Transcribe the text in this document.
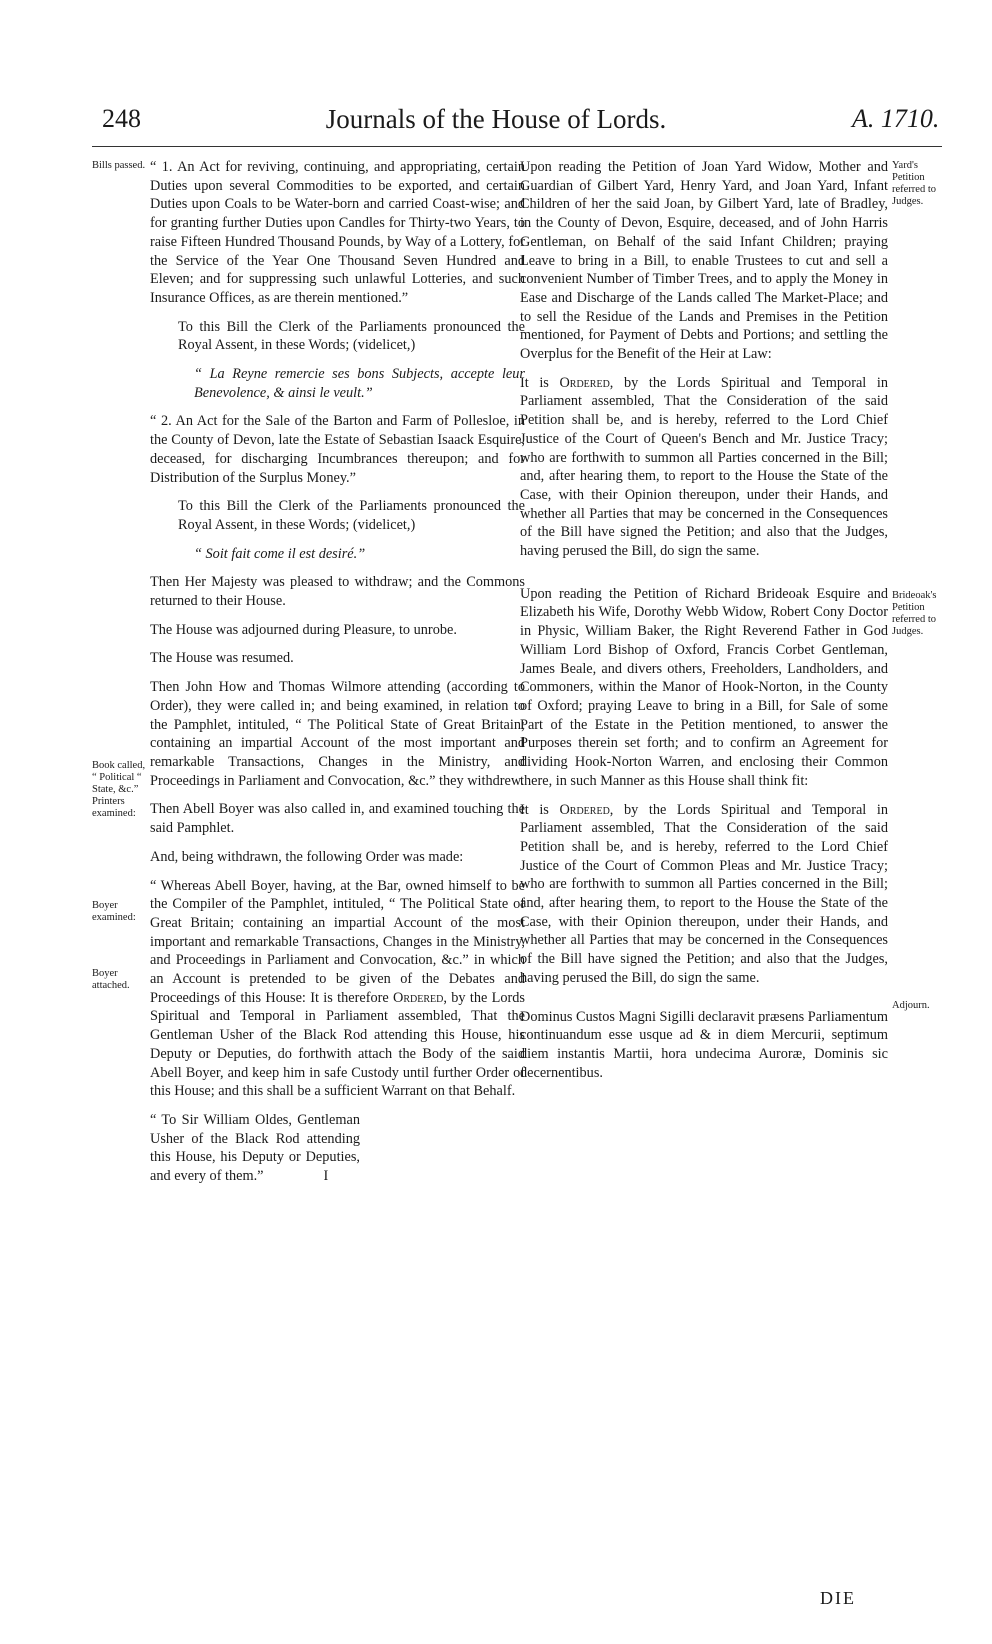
248	Journals of the House of Lords.	A. 1710.
Bills passed.
Book called, “ Political “ State, &c.” Printers examined:
Boyer examined:
Boyer attached.
Yard's Petition referred to Judges.
Brideoak's Petition referred to Judges.
Adjourn.

“ 1. An Act for reviving, continuing, and appropriating, certain Duties upon several Commodities to be exported, and certain Duties upon Coals to be Water-born and carried Coast-wise; and for granting further Duties upon Candles for Thirty-two Years, to raise Fifteen Hundred Thousand Pounds, by Way of a Lottery, for the Service of the Year One Thousand Seven Hundred and Eleven; and for suppressing such unlawful Lotteries, and such Insurance Offices, as are therein mentioned.”

To this Bill the Clerk of the Parliaments pronounced the Royal Assent, in these Words; (videlicet,)

“ La Reyne remercie ses bons Subjects, accepte leur Benevolence, & ainsi le veult.”

“ 2. An Act for the Sale of the Barton and Farm of Pollesloe, in the County of Devon, late the Estate of Sebastian Isaack Esquire, deceased, for discharging Incumbrances thereupon; and for Distribution of the Surplus Money.”

To this Bill the Clerk of the Parliaments pronounced the Royal Assent, in these Words; (videlicet,)

“ Soit fait come il est desiré.”

Then Her Majesty was pleased to withdraw; and the Commons returned to their House.

The House was adjourned during Pleasure, to unrobe.

The House was resumed.

Then John How and Thomas Wilmore attending (according to Order), they were called in; and being examined, in relation to the Pamphlet, intituled, “ The Political State of Great Britain; containing an impartial Account of the most important and remarkable Transactions, Changes in the Ministry, and Proceedings in Parliament and Convocation, &c.” they withdrew.

Then Abell Boyer was also called in, and examined touching the said Pamphlet.

And, being withdrawn, the following Order was made:

“ Whereas Abell Boyer, having, at the Bar, owned himself to be the Compiler of the Pamphlet, intituled, “ The Political State of Great Britain; containing an impartial Account of the most important and remarkable Transactions, Changes in the Ministry, and Proceedings in Parliament and Convocation, &c.” in which an Account is pretended to be given of the Debates and Proceedings of this House: It is therefore Ordered, by the Lords Spiritual and Temporal in Parliament assembled, That the Gentleman Usher of the Black Rod attending this House, his Deputy or Deputies, do forthwith attach the Body of the said Abell Boyer, and keep him in safe Custody until further Order of this House; and this shall be a sufficient Warrant on that Behalf.

“ To Sir William Oldes, Gentleman Usher of the Black Rod attending this House, his Deputy or Deputies, and every of them.”	I

Upon reading the Petition of Joan Yard Widow, Mother and Guardian of Gilbert Yard, Henry Yard, and Joan Yard, Infant Children of her the said Joan, by Gilbert Yard, late of Bradley, in the County of Devon, Esquire, deceased, and of John Harris Gentleman, on Behalf of the said Infant Children; praying Leave to bring in a Bill, to enable Trustees to cut and sell a convenient Number of Timber Trees, and to apply the Money in Ease and Discharge of the Lands called The Market-Place; and to sell the Residue of the Lands and Premises in the Petition mentioned, for Payment of Debts and Portions; and settling the Overplus for the Benefit of the Heir at Law:

It is Ordered, by the Lords Spiritual and Temporal in Parliament assembled, That the Consideration of the said Petition shall be, and is hereby, referred to the Lord Chief Justice of the Court of Queen's Bench and Mr. Justice Tracy; who are forthwith to summon all Parties concerned in the Bill; and, after hearing them, to report to the House the State of the Case, with their Opinion thereupon, under their Hands, and whether all Parties that may be concerned in the Consequences of the Bill have signed the Petition; and also that the Judges, having perused the Bill, do sign the same.

Upon reading the Petition of Richard Brideoak Esquire and Elizabeth his Wife, Dorothy Webb Widow, Robert Cony Doctor in Physic, William Baker, the Right Reverend Father in God William Lord Bishop of Oxford, Francis Corbet Gentleman, James Beale, and divers others, Freeholders, Landholders, and Commoners, within the Manor of Hook-Norton, in the County of Oxford; praying Leave to bring in a Bill, for Sale of some Part of the Estate in the Petition mentioned, to answer the Purposes therein set forth; and to confirm an Agreement for dividing Hook-Norton Warren, and enclosing their Common there, in such Manner as this House shall think fit:

It is Ordered, by the Lords Spiritual and Temporal in Parliament assembled, That the Consideration of the said Petition shall be, and is hereby, referred to the Lord Chief Justice of the Court of Common Pleas and Mr. Justice Tracy; who are forthwith to summon all Parties concerned in the Bill; and, after hearing them, to report to the House the State of the Case, with their Opinion thereupon, under their Hands, and whether all Parties that may be concerned in the Consequences of the Bill have signed the Petition; and also that the Judges, having perused the Bill, do sign the same.

Dominus Custos Magni Sigilli declaravit præsens Parliamentum continuandum esse usque ad & in diem Mercurii, septimum diem instantis Martii, hora undecima Auroræ, Dominis sic decernentibus.

DIE
